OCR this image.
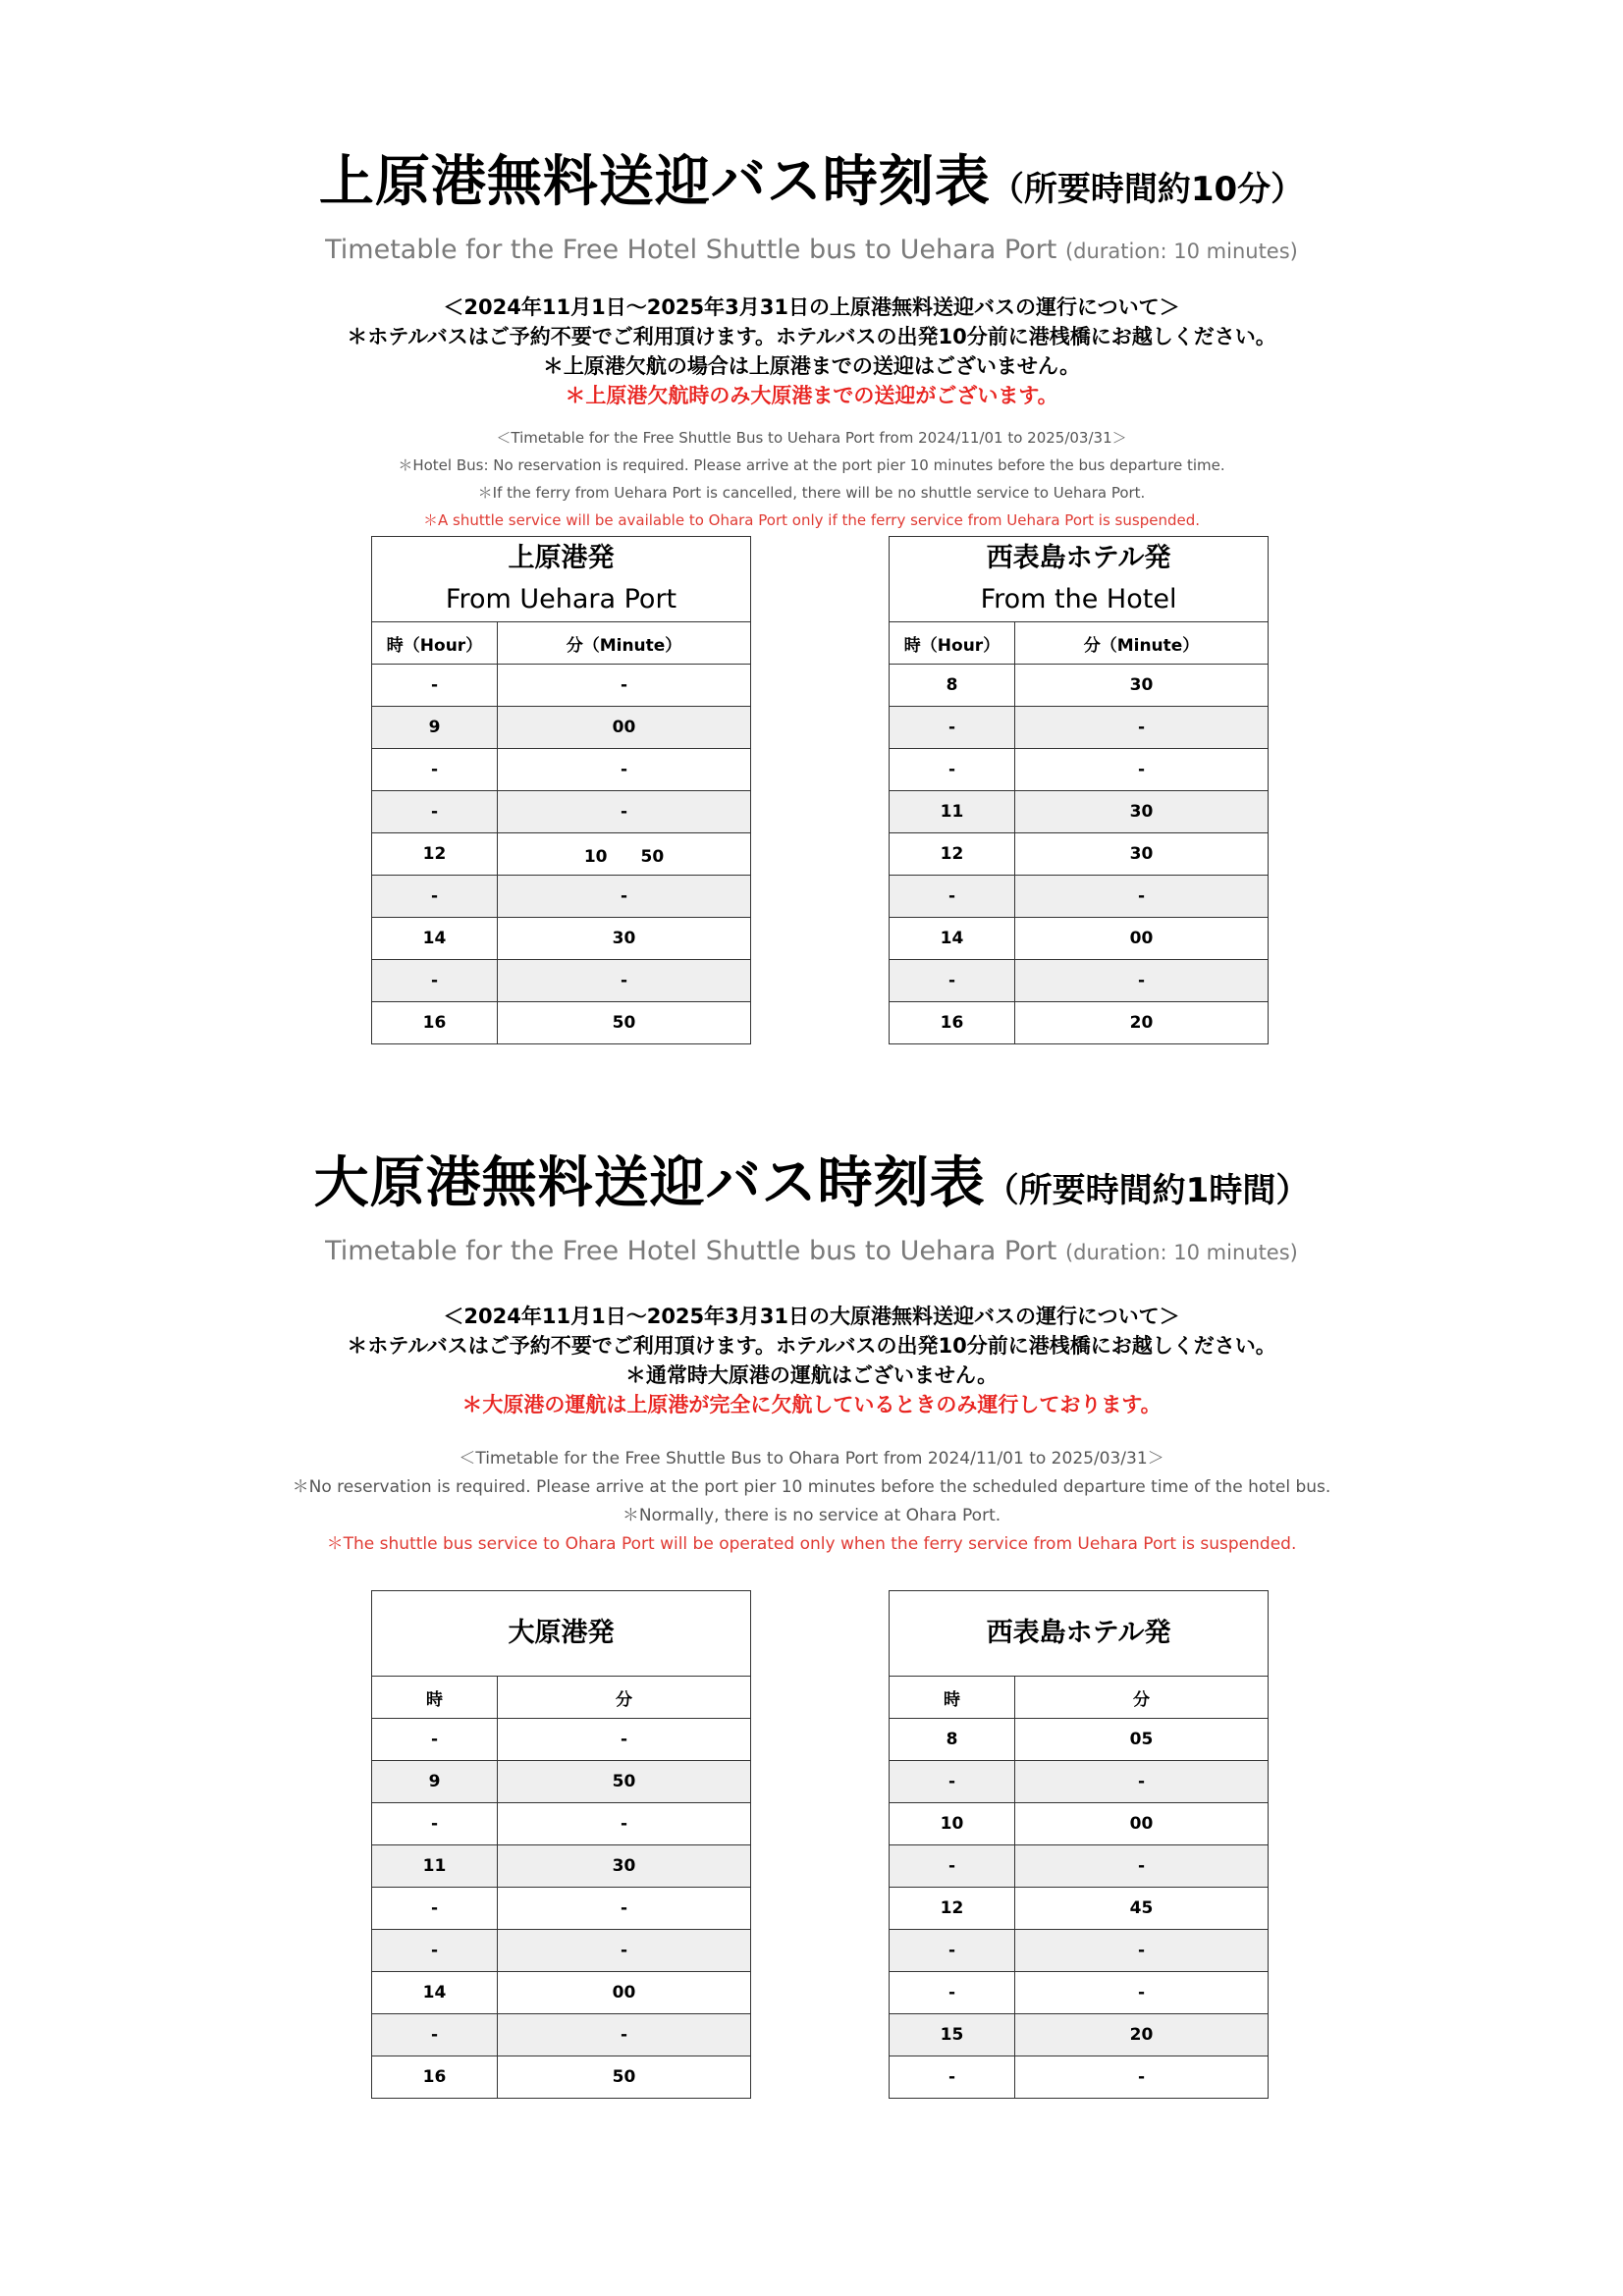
上原港無料送迎バス時刻表（所要時間約10分）
Timetable for the Free Hotel Shuttle bus to Uehara Port (duration: 10 minutes)
＜2024年11月1日～2025年3月31日の上原港無料送迎バスの運行について＞
＊ホテルバスはご予約不要でご利用頂けます。ホテルバスの出発10分前に港桟橋にお越しください。
＊上原港欠航の場合は上原港までの送迎はございません。
＊上原港欠航時のみ大原港までの送迎がございます。
＜Timetable for the Free Shuttle Bus to Uehara Port from 2024/11/01 to 2025/03/31＞
＊Hotel Bus: No reservation is required. Please arrive at the port pier 10 minutes before the bus departure time.
＊If the ferry from Uehara Port is cancelled, there will be no shuttle service to Uehara Port.
＊A shuttle service will be available to Ohara Port only if the ferry service from Uehara Port is suspended.
上原港発
From Uehara Port	

時（Hour）	分（Minute）
-	-
9	00
-	-
-	-
12	10　　50
-	-
14	30
-	-
16	50
西表島ホテル発
From the Hotel	

時（Hour）	分（Minute）
8	30
-	-
-	-
11	30
12	30
-	-
14	00
-	-
16	20
大原港無料送迎バス時刻表（所要時間約1時間）
Timetable for the Free Hotel Shuttle bus to Uehara Port (duration: 10 minutes)
＜2024年11月1日～2025年3月31日の大原港無料送迎バスの運行について＞
＊ホテルバスはご予約不要でご利用頂けます。ホテルバスの出発10分前に港桟橋にお越しください。
＊通常時大原港の運航はございません。
＊大原港の運航は上原港が完全に欠航しているときのみ運行しております。
＜Timetable for the Free Shuttle Bus to Ohara Port from 2024/11/01 to 2025/03/31＞
＊No reservation is required. Please arrive at the port pier 10 minutes before the scheduled departure time of the hotel bus.
＊Normally, there is no service at Ohara Port.
＊The shuttle bus service to Ohara Port will be operated only when the ferry service from Uehara Port is suspended.
大原港発	

時	分
-	-
9	50
-	-
11	30
-	-
-	-
14	00
-	-
16	50
西表島ホテル発	

時	分
8	05
-	-
10	00
-	-
12	45
-	-
-	-
15	20
-	-
